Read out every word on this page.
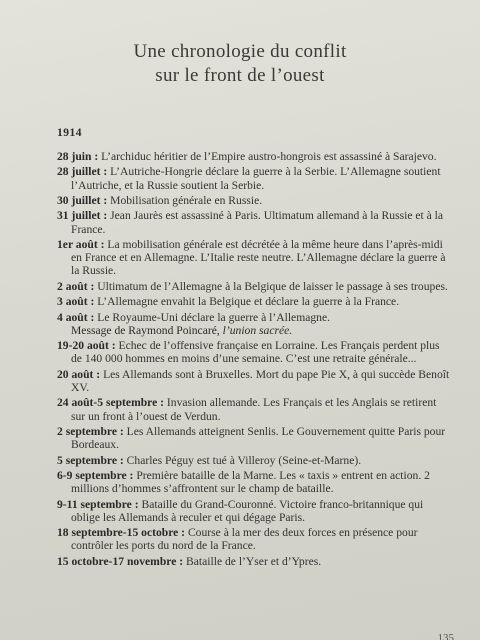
Une chronologie du conflit
sur le front de l’ouest
1914

28 juin : L’archiduc héritier de l’Empire austro-hongrois est assassiné à Sarajevo.

28 juillet : L’Autriche-Hongrie déclare la guerre à la Serbie. L’Allemagne soutient l’Autriche, et la Russie soutient la Serbie.

30 juillet : Mobilisation générale en Russie.

31 juillet : Jean Jaurès est assassiné à Paris. Ultimatum allemand à la Russie et à la France.

1er août : La mobilisation générale est décrétée à la même heure dans l’après-midi en France et en Allemagne. L’Italie reste neutre. L’Allemagne déclare la guerre à la Russie.

2 août : Ultimatum de l’Allemagne à la Belgique de laisser le passage à ses troupes.

3 août : L’Allemagne envahit la Belgique et déclare la guerre à la France.

4 août : Le Royaume-Uni déclare la guerre à l’Allemagne.
Message de Raymond Poincaré, l’union sacrée.

19-20 août : Echec de l’offensive française en Lorraine. Les Français perdent plus de 140 000 hommes en moins d’une semaine. C’est une retraite générale...

20 août : Les Allemands sont à Bruxelles. Mort du pape Pie X, à qui succède Benoît XV.

24 août-5 septembre : Invasion allemande. Les Français et les Anglais se retirent sur un front à l’ouest de Verdun.

2 septembre : Les Allemands atteignent Senlis. Le Gouvernement quitte Paris pour Bordeaux.

5 septembre : Charles Péguy est tué à Villeroy (Seine-et-Marne).

6-9 septembre : Première bataille de la Marne. Les « taxis » entrent en action. 2 millions d’hommes s’affrontent sur le champ de bataille.

9-11 septembre : Bataille du Grand-Couronné. Victoire franco-britannique qui oblige les Allemands à reculer et qui dégage Paris.

18 septembre-15 octobre : Course à la mer des deux forces en présence pour contrôler les ports du nord de la France.

15 octobre-17 novembre : Bataille de l’Yser et d’Ypres.

135
